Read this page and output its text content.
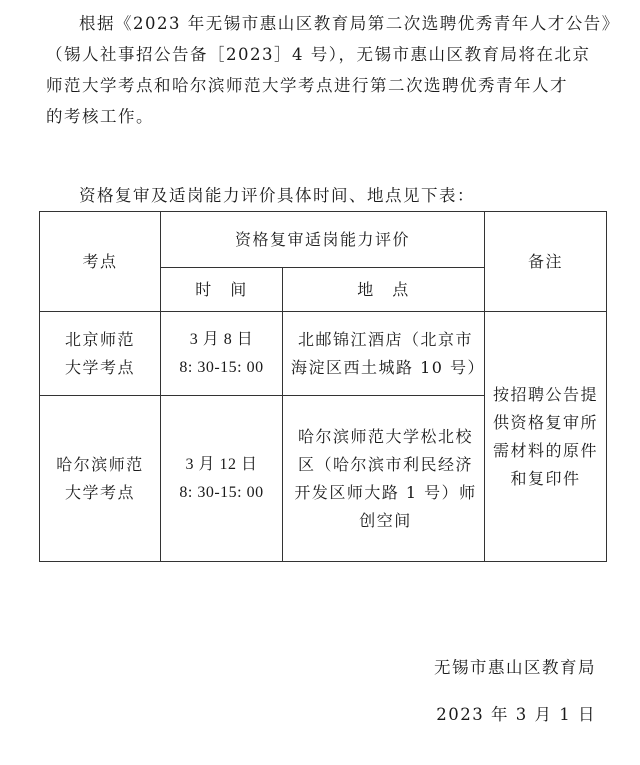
根据《2023 年无锡市惠山区教育局第二次选聘优秀青年人才公告》
（锡人社事招公告备［2023］4 号），无锡市惠山区教育局将在北京
师范大学考点和哈尔滨师范大学考点进行第二次选聘优秀青年人才
的考核工作。
资格复审及适岗能力评价具体时间、地点见下表：
考点	资格复审适岗能力评价		备注
	时　间	地　点	
北京师范
大学考点	3 月 8 日
8: 30-15: 00	北邮锦江酒店（北京市海淀区西土城路 10 号）	按招聘公告提供资格复审所需材料的原件和复印件
哈尔滨师范
大学考点	3 月 12 日
8: 30-15: 00	哈尔滨师范大学松北校区（哈尔滨市利民经济开发区师大路 1 号）师创空间	
无锡市惠山区教育局
2023 年 3 月 1 日
